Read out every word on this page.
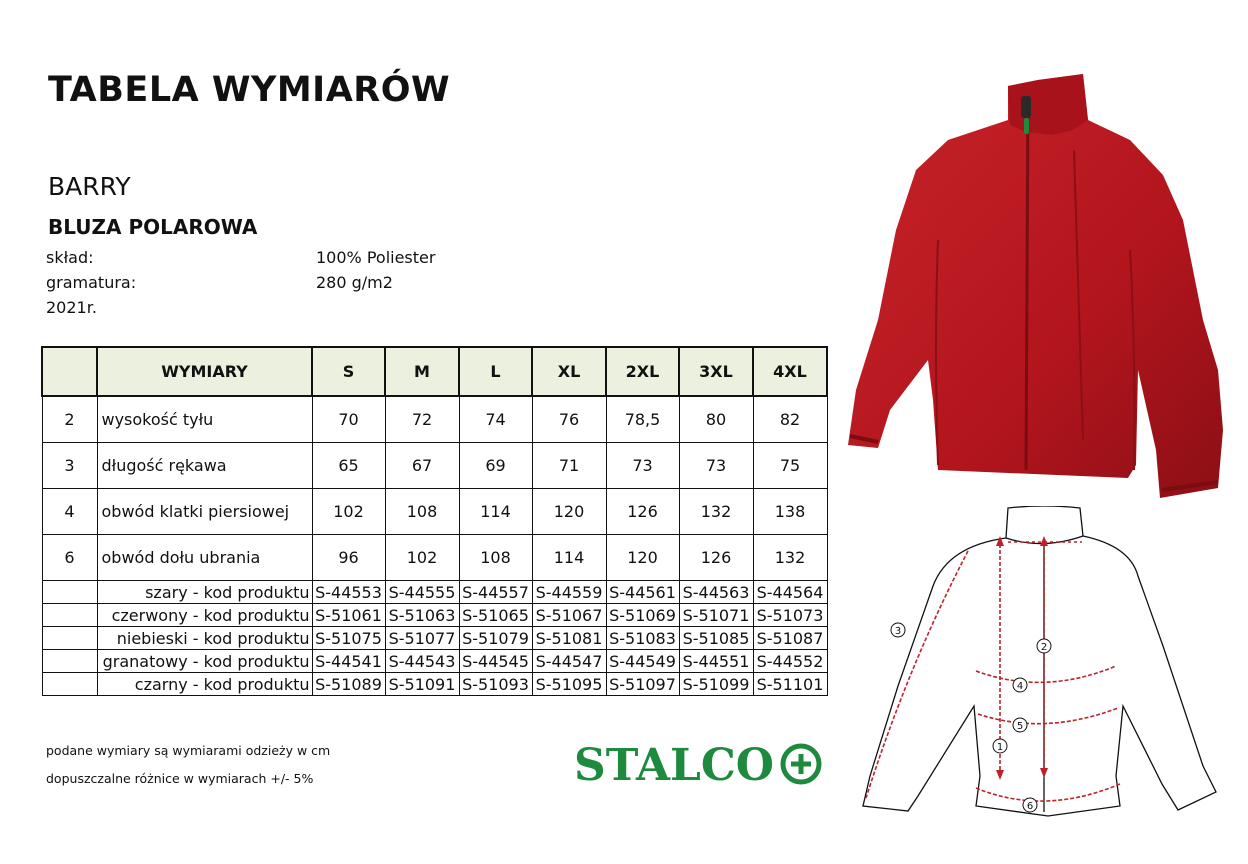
TABELA WYMIARÓW
BARRY
BLUZA POLAROWA
skład:	100% Poliester
gramatura:	280 g/m2
2021r.
	WYMIARY	S	M	L	XL	2XL	3XL	4XL
2	wysokość tyłu	70	72	74	76	78,5	80	82
3	długość rękawa	65	67	69	71	73	73	75
4	obwód klatki piersiowej	102	108	114	120	126	132	138
6	obwód dołu ubrania	96	102	108	114	120	126	132
	szary - kod produktu	S-44553	S-44555	S-44557	S-44559	S-44561	S-44563	S-44564
	czerwony - kod produktu	S-51061	S-51063	S-51065	S-51067	S-51069	S-51071	S-51073
	niebieski - kod produktu	S-51075	S-51077	S-51079	S-51081	S-51083	S-51085	S-51087
	granatowy - kod produktu	S-44541	S-44543	S-44545	S-44547	S-44549	S-44551	S-44552
	czarny - kod produktu	S-51089	S-51091	S-51093	S-51095	S-51097	S-51099	S-51101
podane wymiary są wymiarami odzieży w cm
dopuszczalne różnice w wymiarach +/- 5%	STALCO	1
2
3
4
5
6
